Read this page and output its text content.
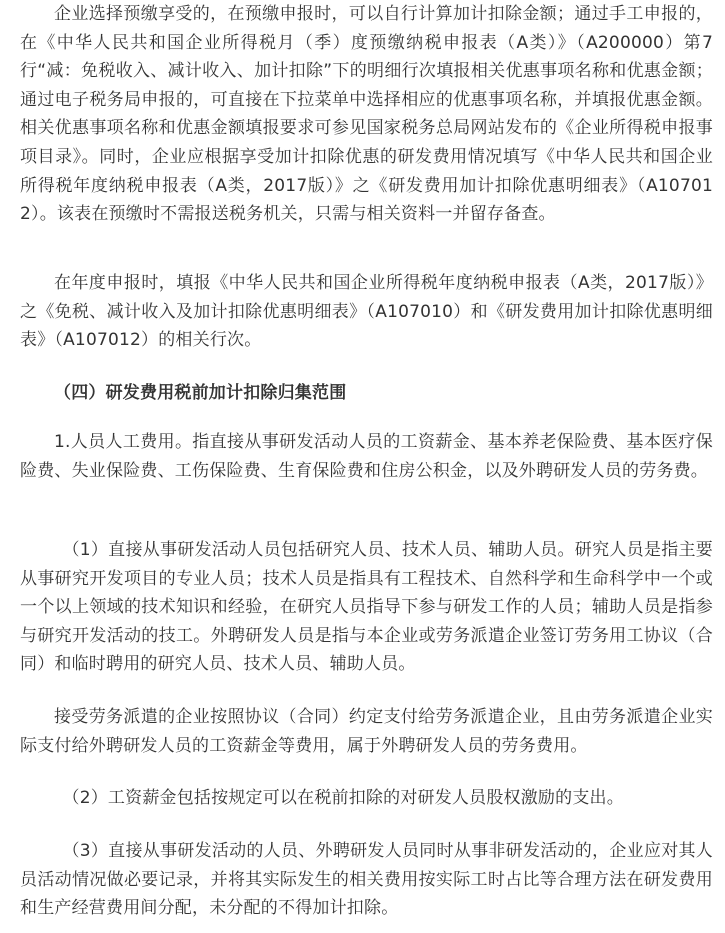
企业选择预缴享受的，在预缴申报时，可以自行计算加计扣除金额；通过手工申报的，在《中华人民共和国企业所得税月（季）度预缴纳税申报表（A类）》（A200000）第7行“减：免税收入、减计收入、加计扣除”下的明细行次填报相关优惠事项名称和优惠金额；通过电子税务局申报的，可直接在下拉菜单中选择相应的优惠事项名称，并填报优惠金额。相关优惠事项名称和优惠金额填报要求可参见国家税务总局网站发布的《企业所得税申报事项目录》。同时，企业应根据享受加计扣除优惠的研发费用情况填写《中华人民共和国企业所得税年度纳税申报表（A类，2017版）》之《研发费用加计扣除优惠明细表》（A107012）。该表在预缴时不需报送税务机关，只需与相关资料一并留存备查。

在年度申报时，填报《中华人民共和国企业所得税年度纳税申报表（A类，2017版）》之《免税、减计收入及加计扣除优惠明细表》（A107010）和《研发费用加计扣除优惠明细表》（A107012）的相关行次。

（四）研发费用税前加计扣除归集范围

1.人员人工费用。指直接从事研发活动人员的工资薪金、基本养老保险费、基本医疗保险费、失业保险费、工伤保险费、生育保险费和住房公积金，以及外聘研发人员的劳务费。

（1）直接从事研发活动人员包括研究人员、技术人员、辅助人员。研究人员是指主要从事研究开发项目的专业人员；技术人员是指具有工程技术、自然科学和生命科学中一个或一个以上领域的技术知识和经验，在研究人员指导下参与研发工作的人员；辅助人员是指参与研究开发活动的技工。外聘研发人员是指与本企业或劳务派遣企业签订劳务用工协议（合同）和临时聘用的研究人员、技术人员、辅助人员。

接受劳务派遣的企业按照协议（合同）约定支付给劳务派遣企业，且由劳务派遣企业实际支付给外聘研发人员的工资薪金等费用，属于外聘研发人员的劳务费用。

（2）工资薪金包括按规定可以在税前扣除的对研发人员股权激励的支出。

（3）直接从事研发活动的人员、外聘研发人员同时从事非研发活动的，企业应对其人员活动情况做必要记录，并将其实际发生的相关费用按实际工时占比等合理方法在研发费用和生产经营费用间分配，未分配的不得加计扣除。
